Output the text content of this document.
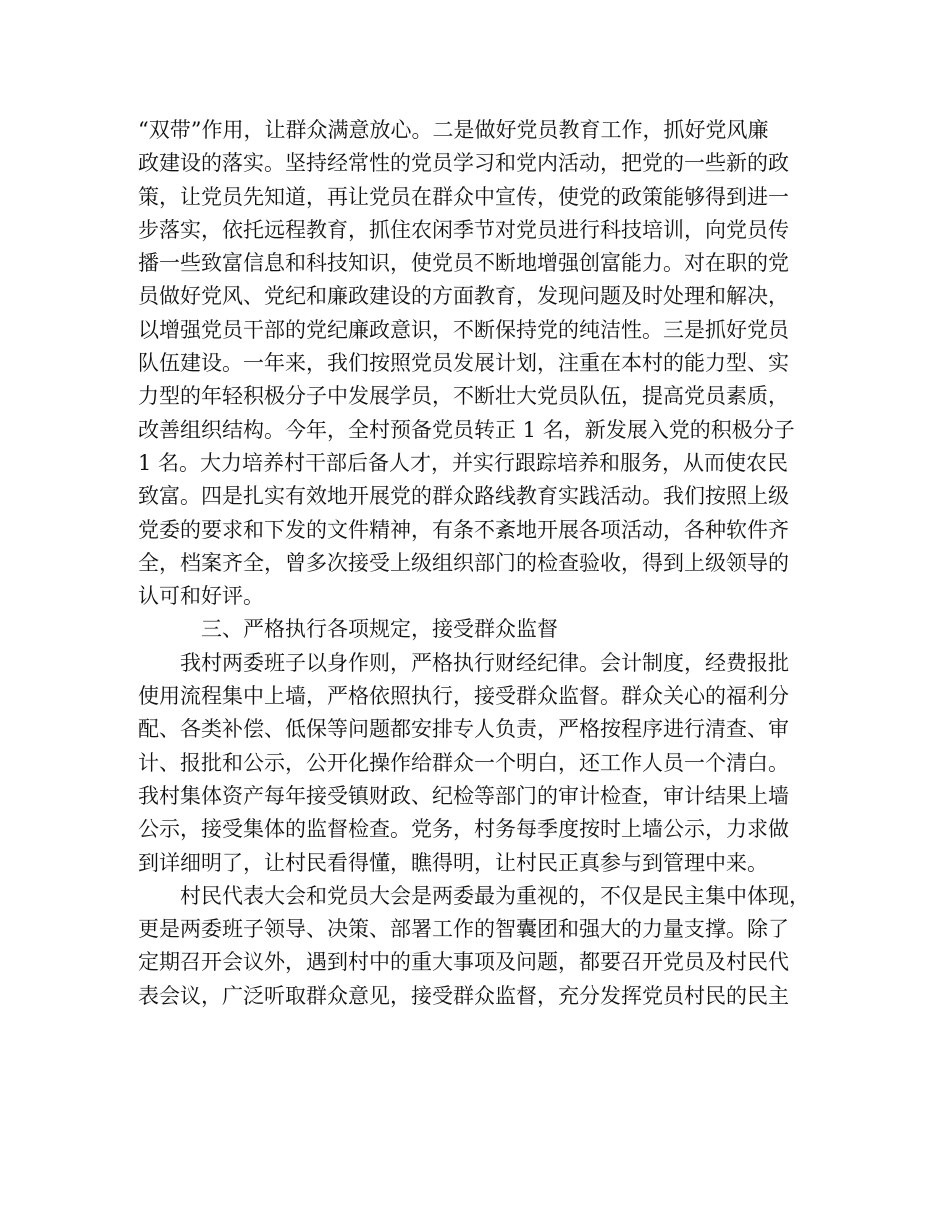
“双带”作用，让群众满意放心。二是做好党员教育工作，抓好党风廉
政建设的落实。坚持经常性的党员学习和党内活动，把党的一些新的政
策，让党员先知道，再让党员在群众中宣传，使党的政策能够得到进一
步落实，依托远程教育，抓住农闲季节对党员进行科技培训，向党员传
播一些致富信息和科技知识，使党员不断地增强创富能力。对在职的党
员做好党风、党纪和廉政建设的方面教育，发现问题及时处理和解决，
以增强党员干部的党纪廉政意识，不断保持党的纯洁性。三是抓好党员
队伍建设。一年来，我们按照党员发展计划，注重在本村的能力型、实
力型的年轻积极分子中发展学员，不断壮大党员队伍，提高党员素质，
改善组织结构。今年，全村预备党员转正 1 名，新发展入党的积极分子
1 名。大力培养村干部后备人才，并实行跟踪培养和服务，从而使农民
致富。四是扎实有效地开展党的群众路线教育实践活动。我们按照上级
党委的要求和下发的文件精神，有条不紊地开展各项活动，各种软件齐
全，档案齐全，曾多次接受上级组织部门的检查验收，得到上级领导的
认可和好评。
三、严格执行各项规定，接受群众监督
我村两委班子以身作则，严格执行财经纪律。会计制度，经费报批
使用流程集中上墙，严格依照执行，接受群众监督。群众关心的福利分
配、各类补偿、低保等问题都安排专人负责，严格按程序进行清查、审
计、报批和公示，公开化操作给群众一个明白，还工作人员一个清白。
我村集体资产每年接受镇财政、纪检等部门的审计检查，审计结果上墙
公示，接受集体的监督检查。党务，村务每季度按时上墙公示，力求做
到详细明了，让村民看得懂，瞧得明，让村民正真参与到管理中来。
村民代表大会和党员大会是两委最为重视的，不仅是民主集中体现，
更是两委班子领导、决策、部署工作的智囊团和强大的力量支撑。除了
定期召开会议外，遇到村中的重大事项及问题，都要召开党员及村民代
表会议，广泛听取群众意见，接受群众监督，充分发挥党员村民的民主
